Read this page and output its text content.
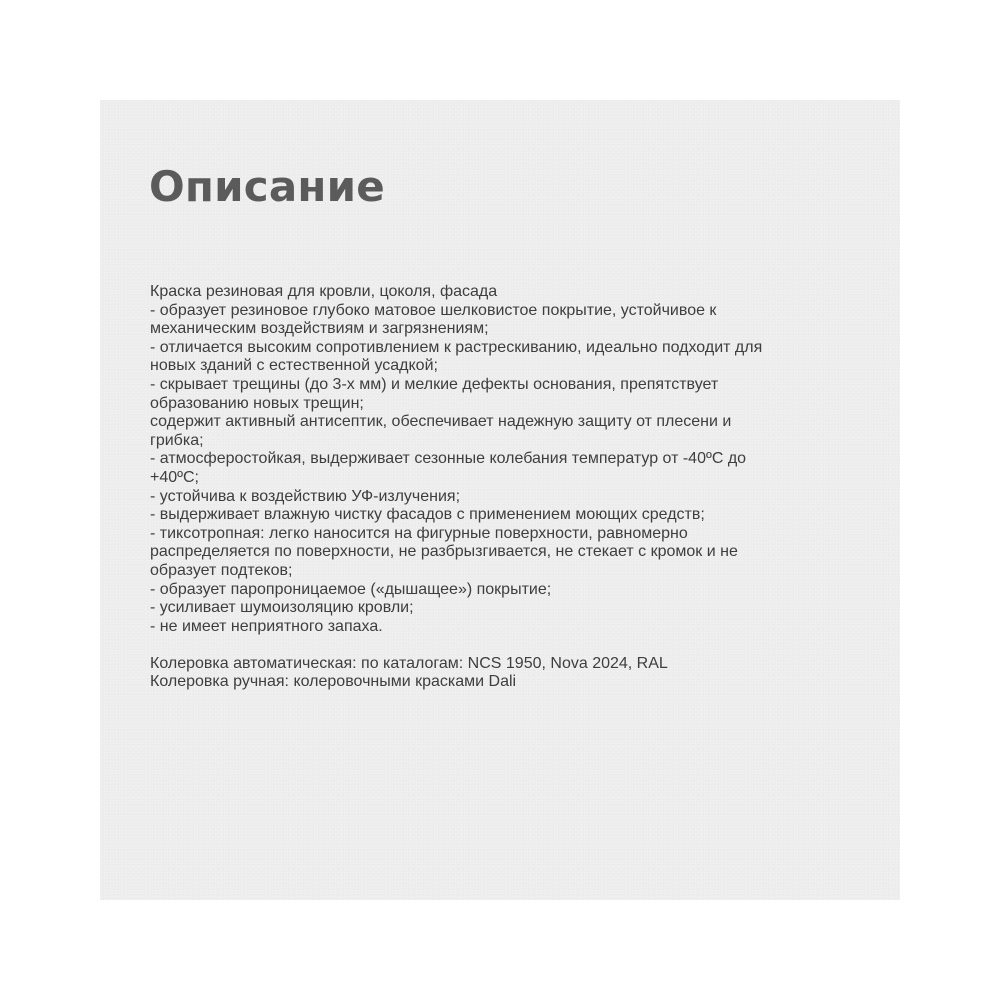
Описание
Краска резиновая для кровли, цоколя, фасада
- образует резиновое глубоко матовое шелковистое покрытие, устойчивое к
механическим воздействиям и загрязнениям;
- отличается высоким сопротивлением к растрескиванию, идеально подходит для
новых зданий с естественной усадкой;
- скрывает трещины (до 3-х мм) и мелкие дефекты основания, препятствует
образованию новых трещин;
содержит активный антисептик, обеспечивает надежную защиту от плесени и
грибка;
- атмосферостойкая, выдерживает сезонные колебания температур от -40ºС до
+40ºС;
- устойчива к воздействию УФ-излучения;
- выдерживает влажную чистку фасадов с применением моющих средств;
- тиксотропная: легко наносится на фигурные поверхности, равномерно
распределяется по поверхности, не разбрызгивается, не стекает с кромок и не
образует подтеков;
- образует паропроницаемое («дышащее») покрытие;
- усиливает шумоизоляцию кровли;
- не имеет неприятного запаха.
Колеровка автоматическая: по каталогам: NCS 1950, Nova 2024, RAL
Колеровка ручная: колеровочными красками Dali
